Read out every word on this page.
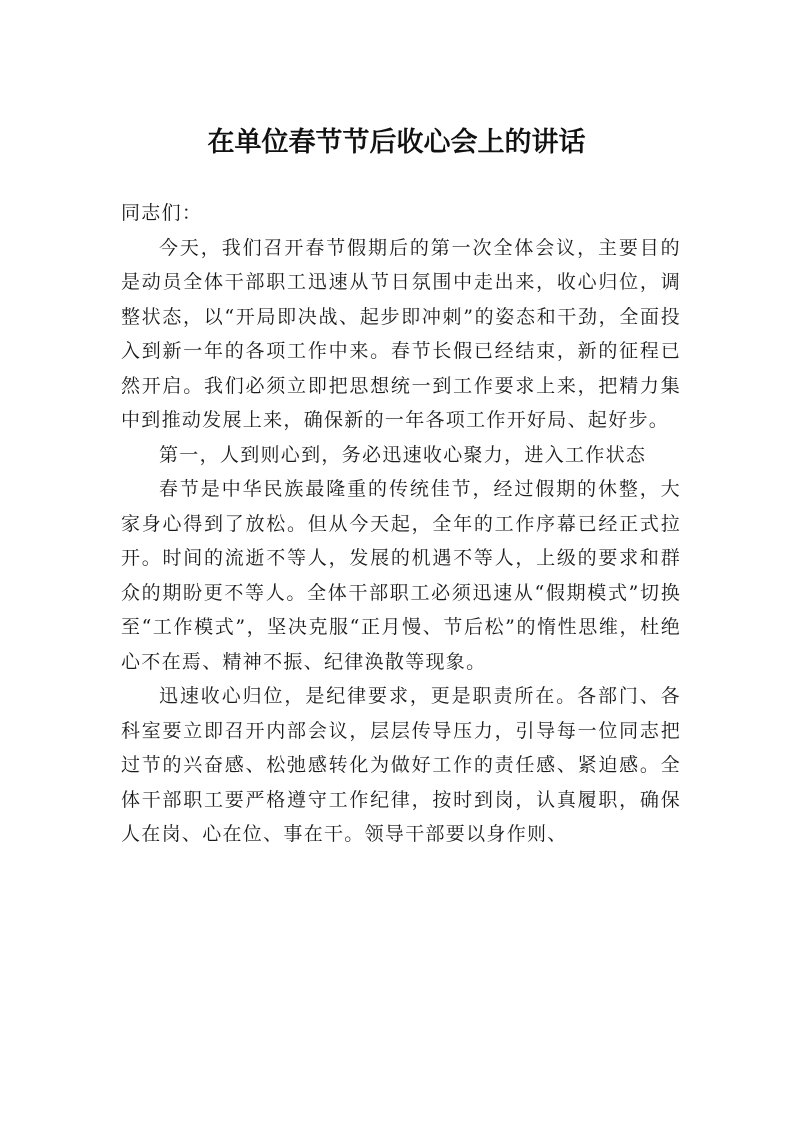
在单位春节节后收心会上的讲话

同志们：

今天，我们召开春节假期后的第一次全体会议，主要目的是动员全体干部职工迅速从节日氛围中走出来，收心归位，调整状态，以“开局即决战、起步即冲刺”的姿态和干劲，全面投入到新一年的各项工作中来。春节长假已经结束，新的征程已然开启。我们必须立即把思想统一到工作要求上来，把精力集中到推动发展上来，确保新的一年各项工作开好局、起好步。

第一，人到则心到，务必迅速收心聚力，进入工作状态

春节是中华民族最隆重的传统佳节，经过假期的休整，大家身心得到了放松。但从今天起，全年的工作序幕已经正式拉开。时间的流逝不等人，发展的机遇不等人，上级的要求和群众的期盼更不等人。全体干部职工必须迅速从“假期模式”切换至“工作模式”，坚决克服“正月慢、节后松”的惰性思维，杜绝心不在焉、精神不振、纪律涣散等现象。

迅速收心归位，是纪律要求，更是职责所在。各部门、各科室要立即召开内部会议，层层传导压力，引导每一位同志把过节的兴奋感、松弛感转化为做好工作的责任感、紧迫感。全体干部职工要严格遵守工作纪律，按时到岗，认真履职，确保人在岗、心在位、事在干。领导干部要以身作则、
